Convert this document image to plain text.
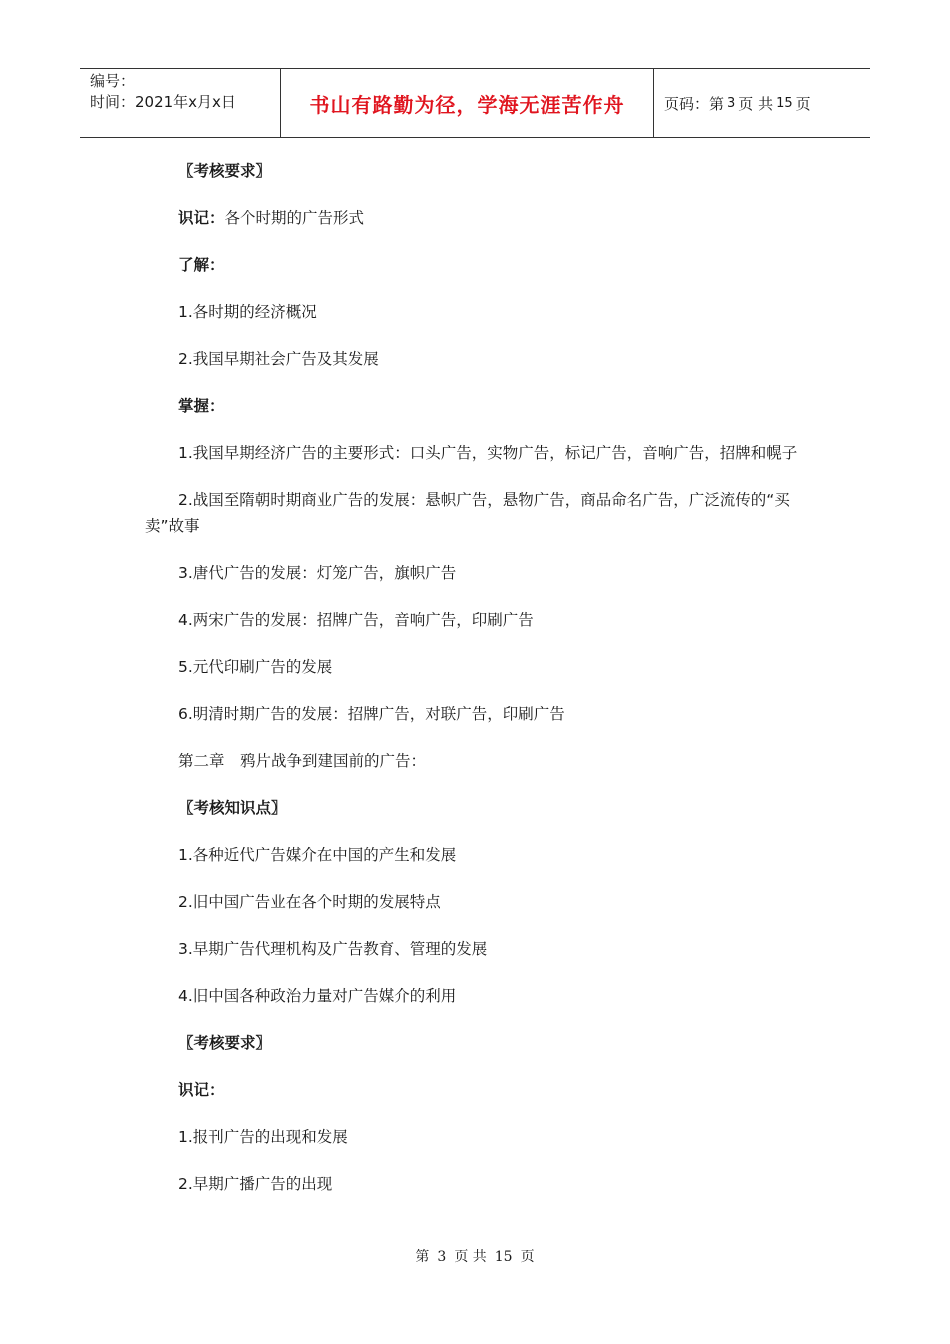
编号：
时间：2021年x月x日	书山有路勤为径，学海无涯苦作舟	页码：第 3 页 共 15 页
〖考核要求〗
识记：各个时期的广告形式
了解：
1.各时期的经济概况
2.我国早期社会广告及其发展
掌握：
1.我国早期经济广告的主要形式：口头广告，实物广告，标记广告，音响广告，招牌和幌子
2.战国至隋朝时期商业广告的发展：悬帜广告，悬物广告，商品命名广告，广泛流传的“买卖”故事
3.唐代广告的发展：灯笼广告，旗帜广告
4.两宋广告的发展：招牌广告，音响广告，印刷广告
5.元代印刷广告的发展
6.明清时期广告的发展：招牌广告，对联广告，印刷广告
第二章　鸦片战争到建国前的广告：
〖考核知识点〗
1.各种近代广告媒介在中国的产生和发展
2.旧中国广告业在各个时期的发展特点
3.早期广告代理机构及广告教育、管理的发展
4.旧中国各种政治力量对广告媒介的利用
〖考核要求〗
识记：
1.报刊广告的出现和发展
2.早期广播广告的出现
第 3 页 共 15 页
